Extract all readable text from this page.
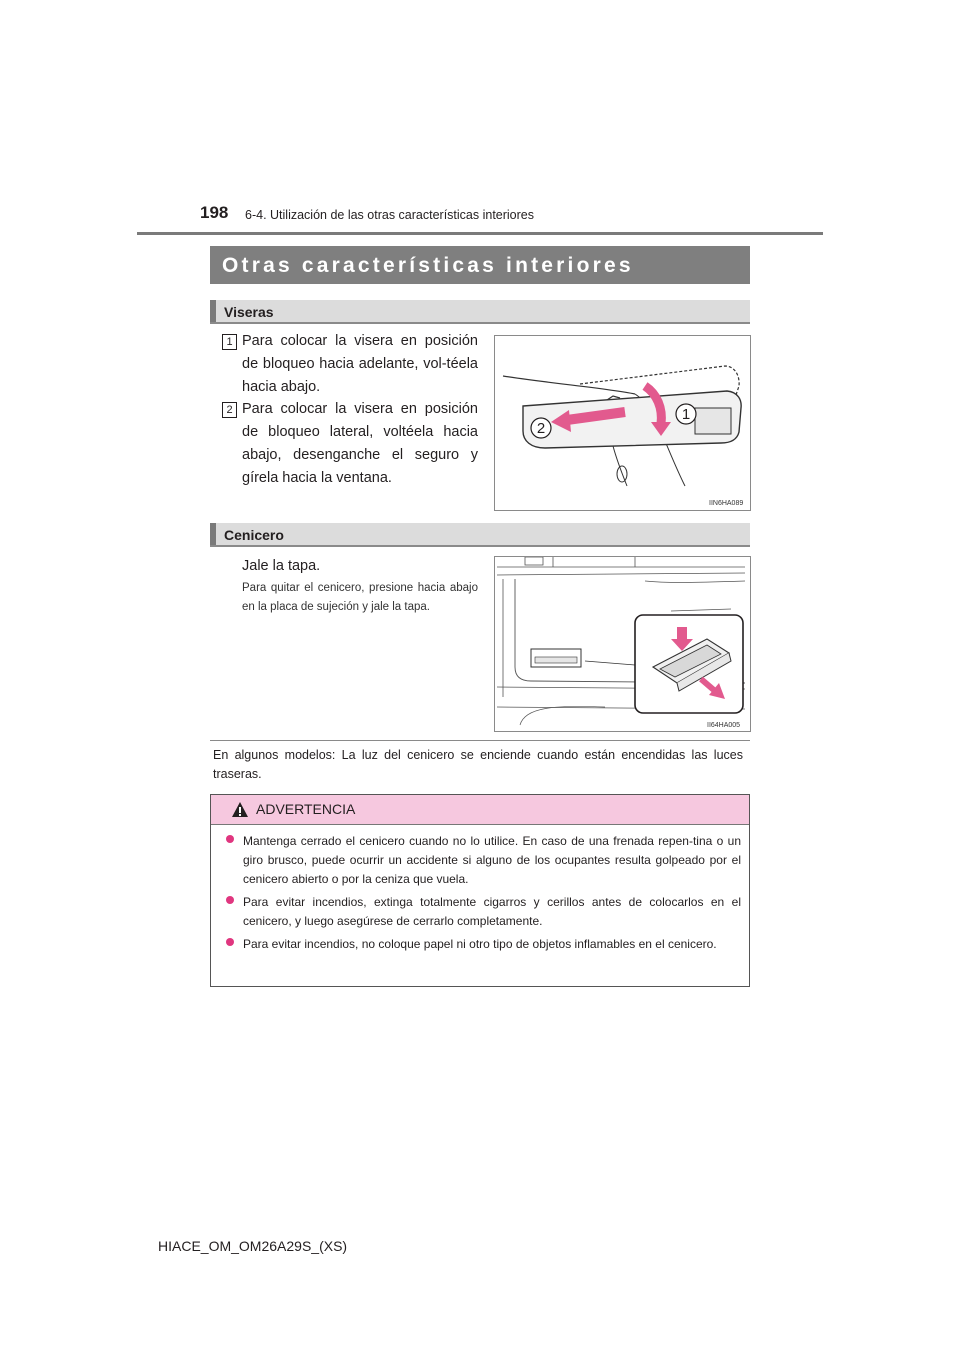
198 6-4. Utilización de las otras características interiores
Otras características interiores
Viseras
1 Para colocar la visera en posición de bloqueo hacia adelante, vol-téela hacia abajo.
2 Para colocar la visera en posición de bloqueo lateral, voltéela hacia abajo, desenganche el seguro y gírela hacia la ventana.
2
1
IIN6HA089
Cenicero
Jale la tapa.
Para quitar el cenicero, presione hacia abajo en la placa de sujeción y jale la tapa.
II64HA005
En algunos modelos: La luz del cenicero se enciende cuando están encendidas las luces traseras.
ADVERTENCIA
Mantenga cerrado el cenicero cuando no lo utilice. En caso de una frenada repen-tina o un giro brusco, puede ocurrir un accidente si alguno de los ocupantes resulta golpeado por el cenicero abierto o por la ceniza que vuela.
Para evitar incendios, extinga totalmente cigarros y cerillos antes de colocarlos en el cenicero, y luego asegúrese de cerrarlo completamente.
Para evitar incendios, no coloque papel ni otro tipo de objetos inflamables en el cenicero.
HIACE_OM_OM26A29S_(XS)
